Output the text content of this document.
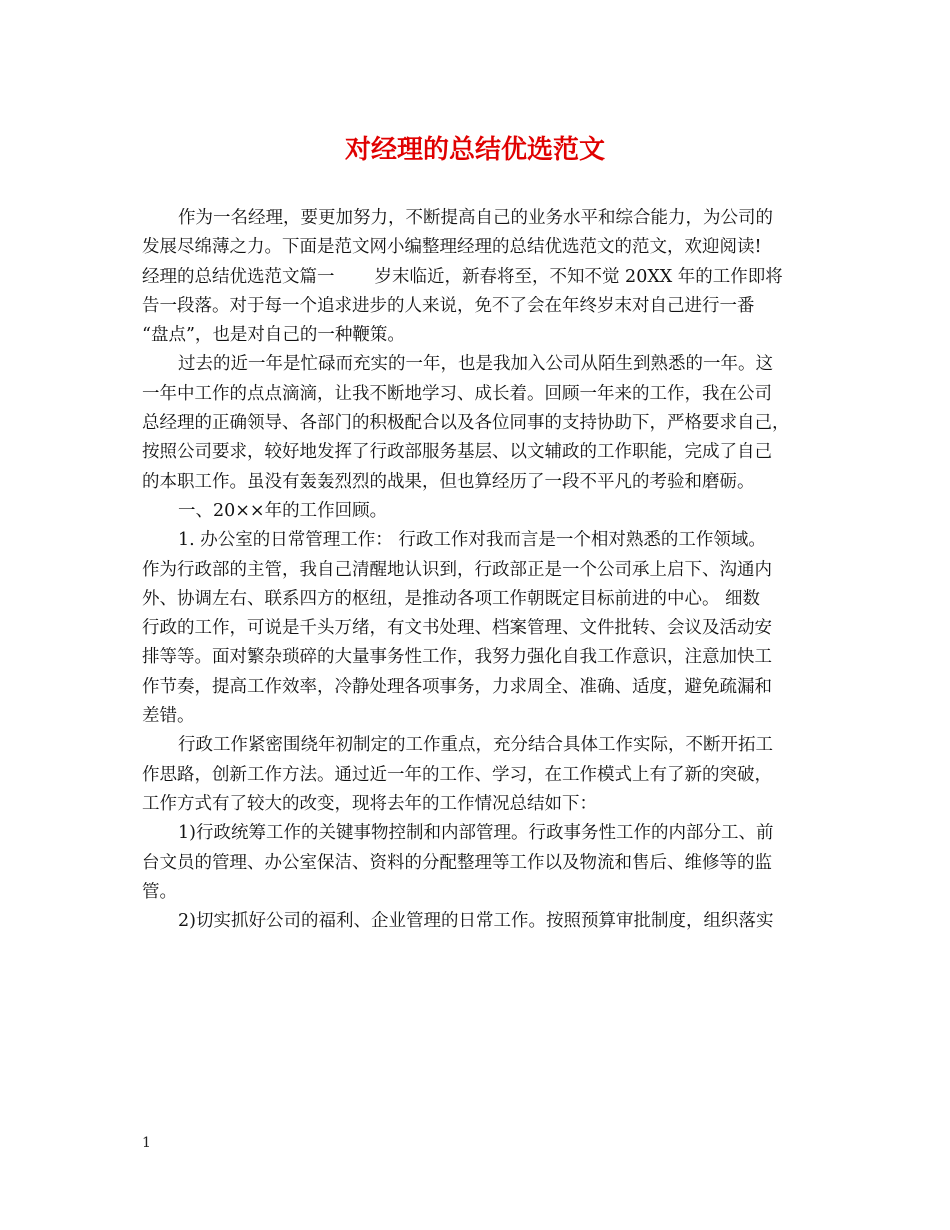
对经理的总结优选范文
作为一名经理，要更加努力，不断提高自己的业务水平和综合能力，为公司的
发展尽绵薄之力。下面是范文网小编整理经理的总结优选范文的范文，欢迎阅读!
经理的总结优选范文篇一 岁末临近，新春将至，不知不觉 20XX 年的工作即将
告一段落。对于每一个追求进步的人来说，免不了会在年终岁末对自己进行一番
“盘点”，也是对自己的一种鞭策。
过去的近一年是忙碌而充实的一年，也是我加入公司从陌生到熟悉的一年。这
一年中工作的点点滴滴，让我不断地学习、成长着。回顾一年来的工作，我在公司
总经理的正确领导、各部门的积极配合以及各位同事的支持协助下，严格要求自己，
按照公司要求，较好地发挥了行政部服务基层、以文辅政的工作职能，完成了自己
的本职工作。虽没有轰轰烈烈的战果，但也算经历了一段不平凡的考验和磨砺。
一、20××年的工作回顾。
1. 办公室的日常管理工作： 行政工作对我而言是一个相对熟悉的工作领域。
作为行政部的主管，我自己清醒地认识到，行政部正是一个公司承上启下、沟通内
外、协调左右、联系四方的枢纽，是推动各项工作朝既定目标前进的中心。 细数
行政的工作，可说是千头万绪，有文书处理、档案管理、文件批转、会议及活动安
排等等。面对繁杂琐碎的大量事务性工作，我努力强化自我工作意识，注意加快工
作节奏，提高工作效率，冷静处理各项事务，力求周全、准确、适度，避免疏漏和
差错。
行政工作紧密围绕年初制定的工作重点，充分结合具体工作实际，不断开拓工
作思路，创新工作方法。通过近一年的工作、学习，在工作模式上有了新的突破，
工作方式有了较大的改变，现将去年的工作情况总结如下：
1)行政统筹工作的关键事物控制和内部管理。行政事务性工作的内部分工、前
台文员的管理、办公室保洁、资料的分配整理等工作以及物流和售后、维修等的监
管。
2)切实抓好公司的福利、企业管理的日常工作。按照预算审批制度，组织落实
1
